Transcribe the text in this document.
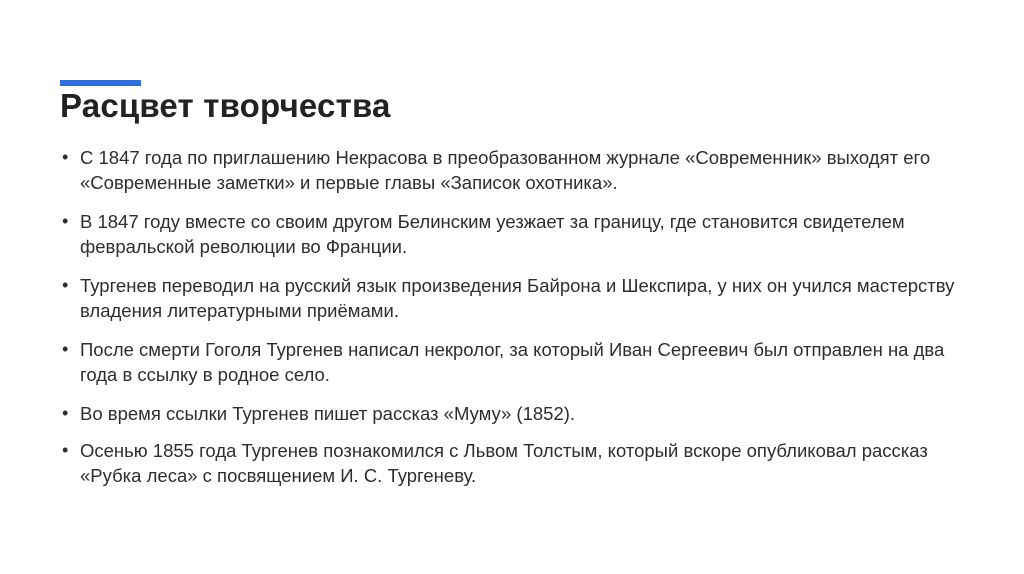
Расцвет творчества
• С 1847 года по приглашению Некрасова в преобразованном журнале «Современник» выходят его «Современные заметки» и первые главы «Записок охотника».
• В 1847 году вместе со своим другом Белинским уезжает за границу, где становится свидетелем февральской революции во Франции.
• Тургенев переводил на русский язык произведения Байрона и Шекспира, у них он учился мастерству владения литературными приёмами.
• После смерти Гоголя Тургенев написал некролог, за который Иван Сергеевич был отправлен на два года в ссылку в родное село.
• Во время ссылки Тургенев пишет рассказ «Муму» (1852).
• Осенью 1855 года Тургенев познакомился с Львом Толстым, который вскоре опубликовал рассказ «Рубка леса» с посвящением И. С. Тургеневу.
